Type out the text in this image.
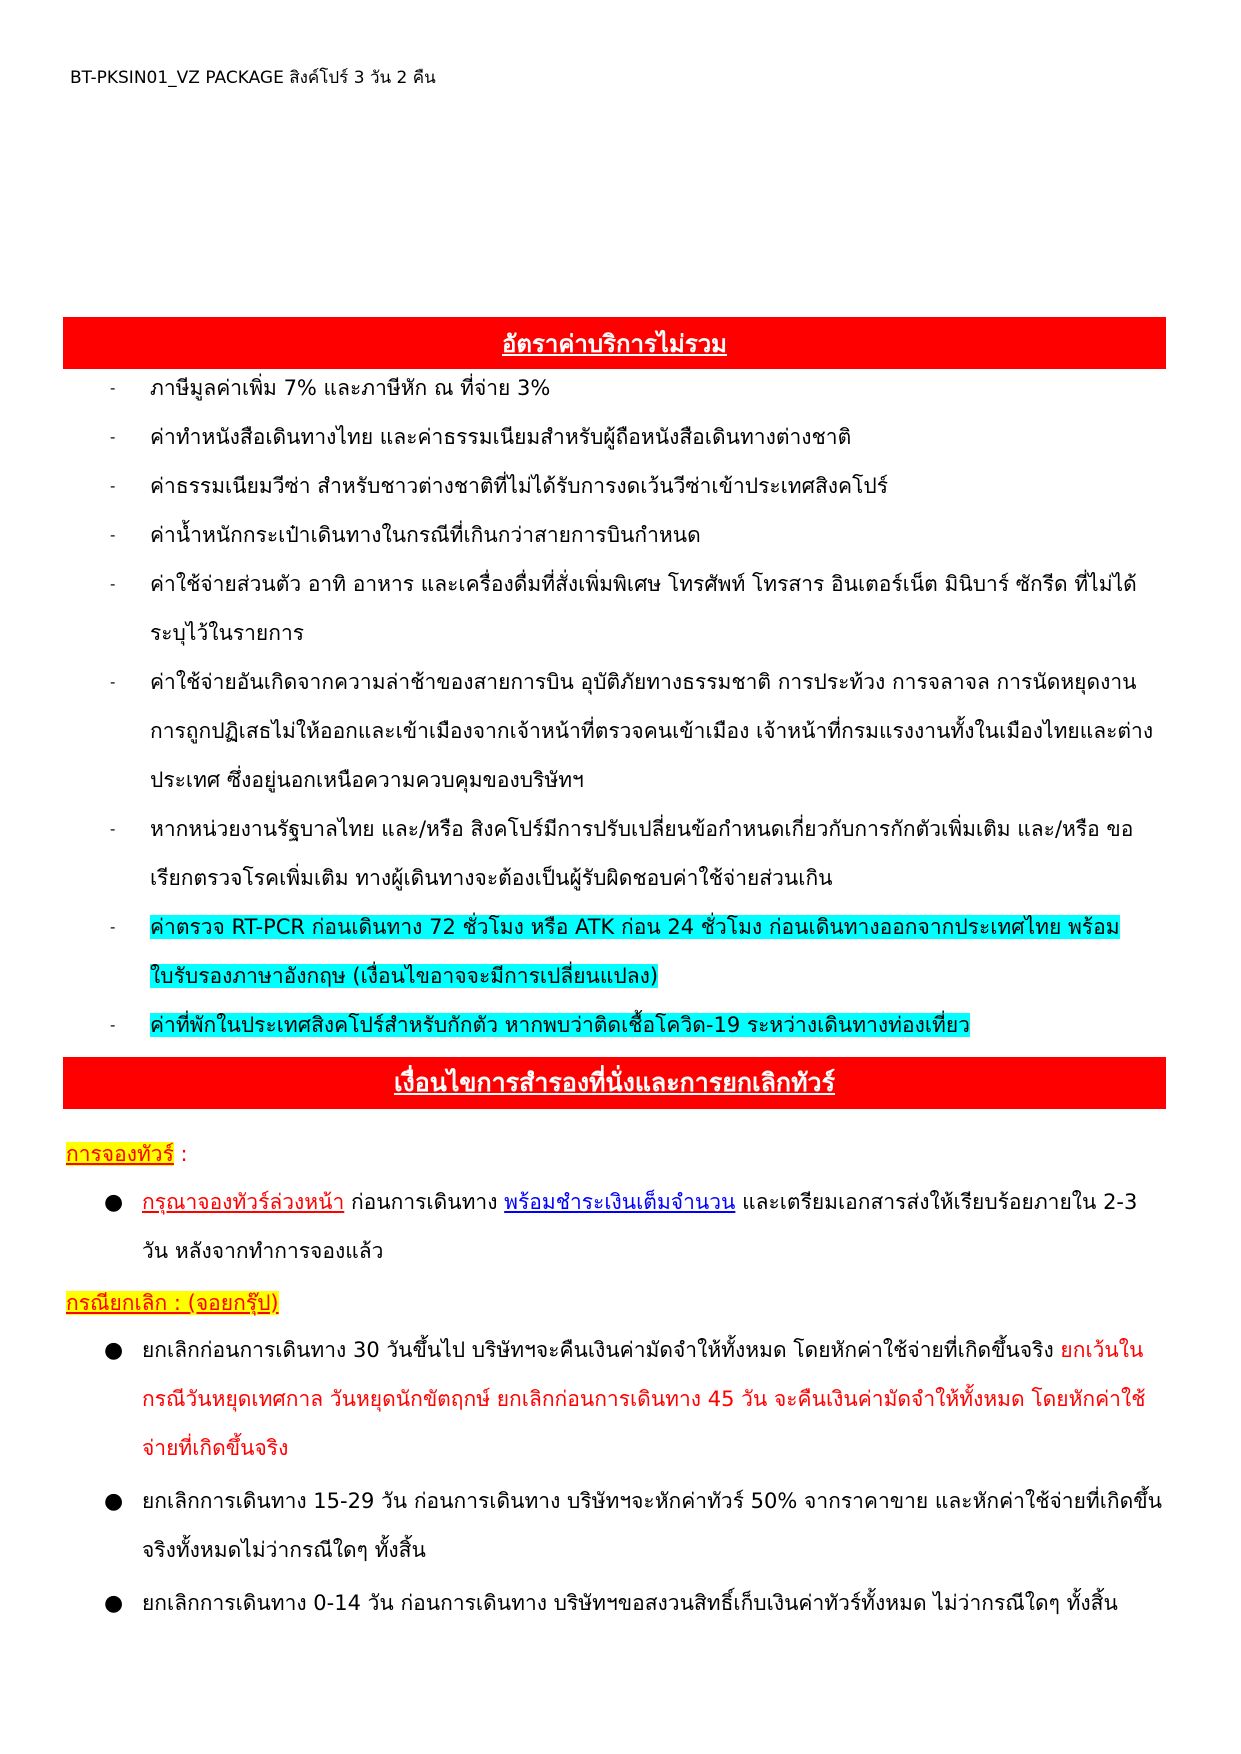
BT-PKSIN01_VZ PACKAGE สิงค์โปร์ 3 วัน 2 คืน
อัตราค่าบริการไม่รวม
- ภาษีมูลค่าเพิ่ม 7% และภาษีหัก ณ ที่จ่าย 3%
- ค่าทำหนังสือเดินทางไทย และค่าธรรมเนียมสำหรับผู้ถือหนังสือเดินทางต่างชาติ
- ค่าธรรมเนียมวีซ่า สำหรับชาวต่างชาติที่ไม่ได้รับการงดเว้นวีซ่าเข้าประเทศสิงคโปร์
- ค่าน้ำหนักกระเป๋าเดินทางในกรณีที่เกินกว่าสายการบินกำหนด
- ค่าใช้จ่ายส่วนตัว อาทิ อาหาร และเครื่องดื่มที่สั่งเพิ่มพิเศษ โทรศัพท์ โทรสาร อินเตอร์เน็ต มินิบาร์ ซักรีด ที่ไม่ได้ระบุไว้ในรายการ
- ค่าใช้จ่ายอันเกิดจากความล่าช้าของสายการบิน อุบัติภัยทางธรรมชาติ การประท้วง การจลาจล การนัดหยุดงาน การถูกปฏิเสธไม่ให้ออกและเข้าเมืองจากเจ้าหน้าที่ตรวจคนเข้าเมือง เจ้าหน้าที่กรมแรงงานทั้งในเมืองไทยและต่างประเทศ ซึ่งอยู่นอกเหนือความควบคุมของบริษัทฯ
- หากหน่วยงานรัฐบาลไทย และ/หรือ สิงคโปร์มีการปรับเปลี่ยนข้อกำหนดเกี่ยวกับการกักตัวเพิ่มเติม และ/หรือ ขอเรียกตรวจโรคเพิ่มเติม ทางผู้เดินทางจะต้องเป็นผู้รับผิดชอบค่าใช้จ่ายส่วนเกิน
- ค่าตรวจ RT-PCR ก่อนเดินทาง 72 ชั่วโมง หรือ ATK ก่อน 24 ชั่วโมง ก่อนเดินทางออกจากประเทศไทย พร้อมใบรับรองภาษาอังกฤษ (เงื่อนไขอาจจะมีการเปลี่ยนแปลง)
- ค่าที่พักในประเทศสิงคโปร์สำหรับกักตัว หากพบว่าติดเชื้อโควิด-19 ระหว่างเดินทางท่องเที่ยว
เงื่อนไขการสำรองที่นั่งและการยกเลิกทัวร์
การจองทัวร์ :
● กรุณาจองทัวร์ล่วงหน้า ก่อนการเดินทาง พร้อมชำระเงินเต็มจำนวน และเตรียมเอกสารส่งให้เรียบร้อยภายใน 2-3 วัน หลังจากทำการจองแล้ว
กรณียกเลิก : (จอยกรุ๊ป)
● ยกเลิกก่อนการเดินทาง 30 วันขึ้นไป บริษัทฯจะคืนเงินค่ามัดจำให้ทั้งหมด โดยหักค่าใช้จ่ายที่เกิดขึ้นจริง ยกเว้นในกรณีวันหยุดเทศกาล วันหยุดนักขัตฤกษ์ ยกเลิกก่อนการเดินทาง 45 วัน จะคืนเงินค่ามัดจำให้ทั้งหมด โดยหักค่าใช้จ่ายที่เกิดขึ้นจริง
● ยกเลิกการเดินทาง 15-29 วัน ก่อนการเดินทาง บริษัทฯจะหักค่าทัวร์ 50% จากราคาขาย และหักค่าใช้จ่ายที่เกิดขึ้นจริงทั้งหมดไม่ว่ากรณีใดๆ ทั้งสิ้น
● ยกเลิกการเดินทาง 0-14 วัน ก่อนการเดินทาง บริษัทฯขอสงวนสิทธิ์เก็บเงินค่าทัวร์ทั้งหมด ไม่ว่ากรณีใดๆ ทั้งสิ้น
